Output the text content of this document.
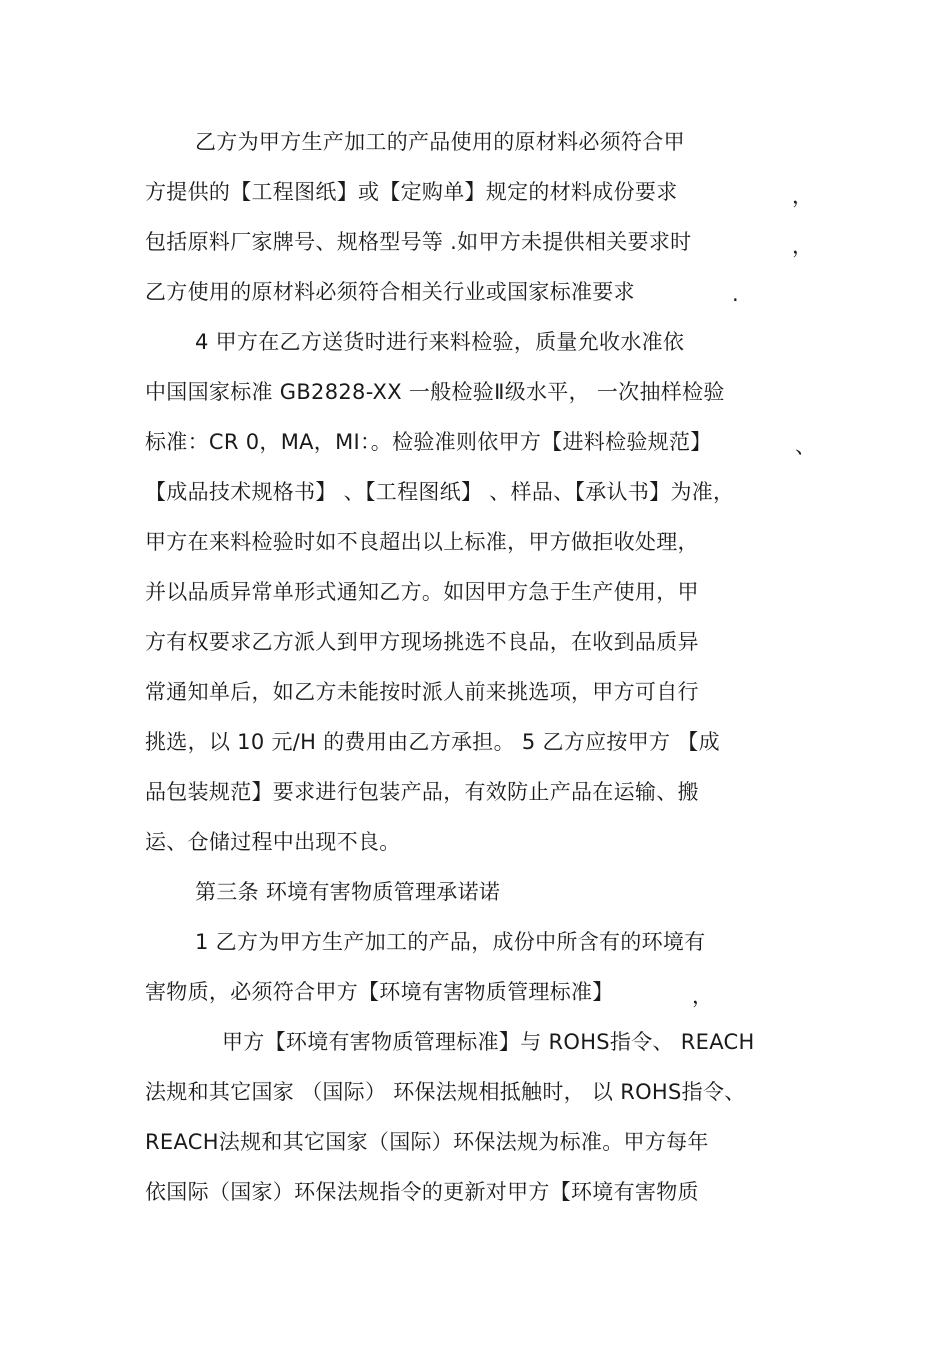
乙方为甲方生产加工的产品使用的原材料必须符合甲
方提供的【工程图纸】或【定购单】规定的材料成份要求	，
包括原料厂家牌号、规格型号等 .如甲方未提供相关要求时	，
乙方使用的原材料必须符合相关行业或国家标准要求	.
4 甲方在乙方送货时进行来料检验，质量允收水准依
中国国家标准 GB2828-XX 一般检验Ⅱ级水平， 一次抽样检验
标准：CR 0，MA，MI：。检验准则依甲方【进料检验规范】	、
【成品技术规格书】 、【工程图纸】 、样品、【承认书】为准，
甲方在来料检验时如不良超出以上标准，甲方做拒收处理，
并以品质异常单形式通知乙方。如因甲方急于生产使用，甲
方有权要求乙方派人到甲方现场挑选不良品，在收到品质异
常通知单后，如乙方未能按时派人前来挑选项，甲方可自行
挑选，以 10 元/H 的费用由乙方承担。 5 乙方应按甲方 【成
品包装规范】要求进行包装产品，有效防止产品在运输、搬
运、仓储过程中出现不良。
第三条 环境有害物质管理承诺诺
1 乙方为甲方生产加工的产品，成份中所含有的环境有
害物质，必须符合甲方【环境有害物质管理标准】	，
甲方【环境有害物质管理标准】与 ROHS指令、 REACH
法规和其它国家 （国际） 环保法规相抵触时， 以 ROHS指令、
REACH法规和其它国家（国际）环保法规为标准。甲方每年
依国际（国家）环保法规指令的更新对甲方【环境有害物质
